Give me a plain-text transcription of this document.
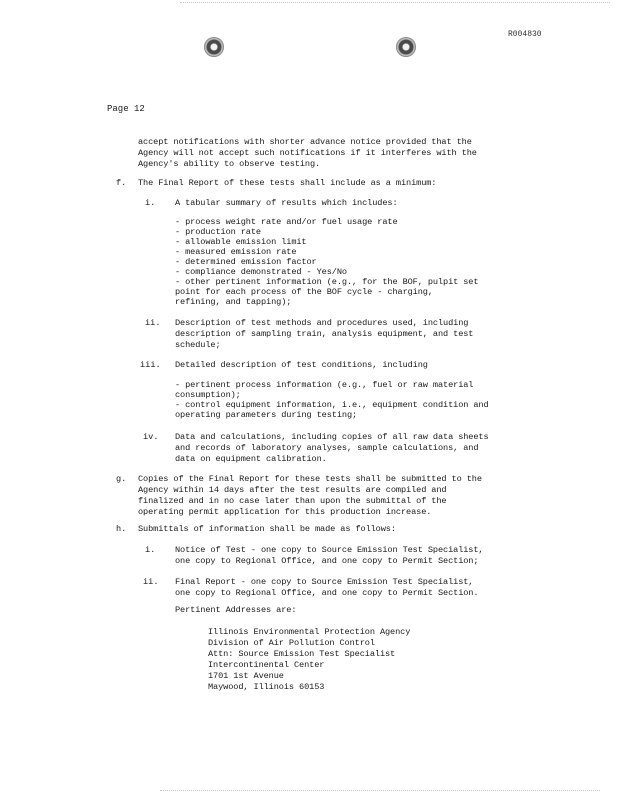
R004830
Page 12
accept notifications with shorter advance notice provided that the
Agency will not accept such notifications if it interferes with the
Agency's ability to observe testing.
f. The Final Report of these tests shall include as a minimum:
i. A tabular summary of results which includes:
- process weight rate and/or fuel usage rate
- production rate
- allowable emission limit
- measured emission rate
- determined emission factor
- compliance demonstrated - Yes/No
- other pertinent information (e.g., for the BOF, pulpit set
point for each process of the BOF cycle - charging,
refining, and tapping);
ii. Description of test methods and procedures used, including
description of sampling train, analysis equipment, and test
schedule;
iii. Detailed description of test conditions, including
- pertinent process information (e.g., fuel or raw material
consumption);
- control equipment information, i.e., equipment condition and
operating parameters during testing;
iv. Data and calculations, including copies of all raw data sheets
and records of laboratory analyses, sample calculations, and
data on equipment calibration.
g. Copies of the Final Report for these tests shall be submitted to the
Agency within 14 days after the test results are compiled and
finalized and in no case later than upon the submittal of the
operating permit application for this production increase.
h. Submittals of information shall be made as follows:
i. Notice of Test - one copy to Source Emission Test Specialist,
one copy to Regional Office, and one copy to Permit Section;
ii. Final Report - one copy to Source Emission Test Specialist,
one copy to Regional Office, and one copy to Permit Section.
Pertinent Addresses are:
Illinois Environmental Protection Agency
Division of Air Pollution Control
Attn: Source Emission Test Specialist
Intercontinental Center
1701 1st Avenue
Maywood, Illinois 60153
